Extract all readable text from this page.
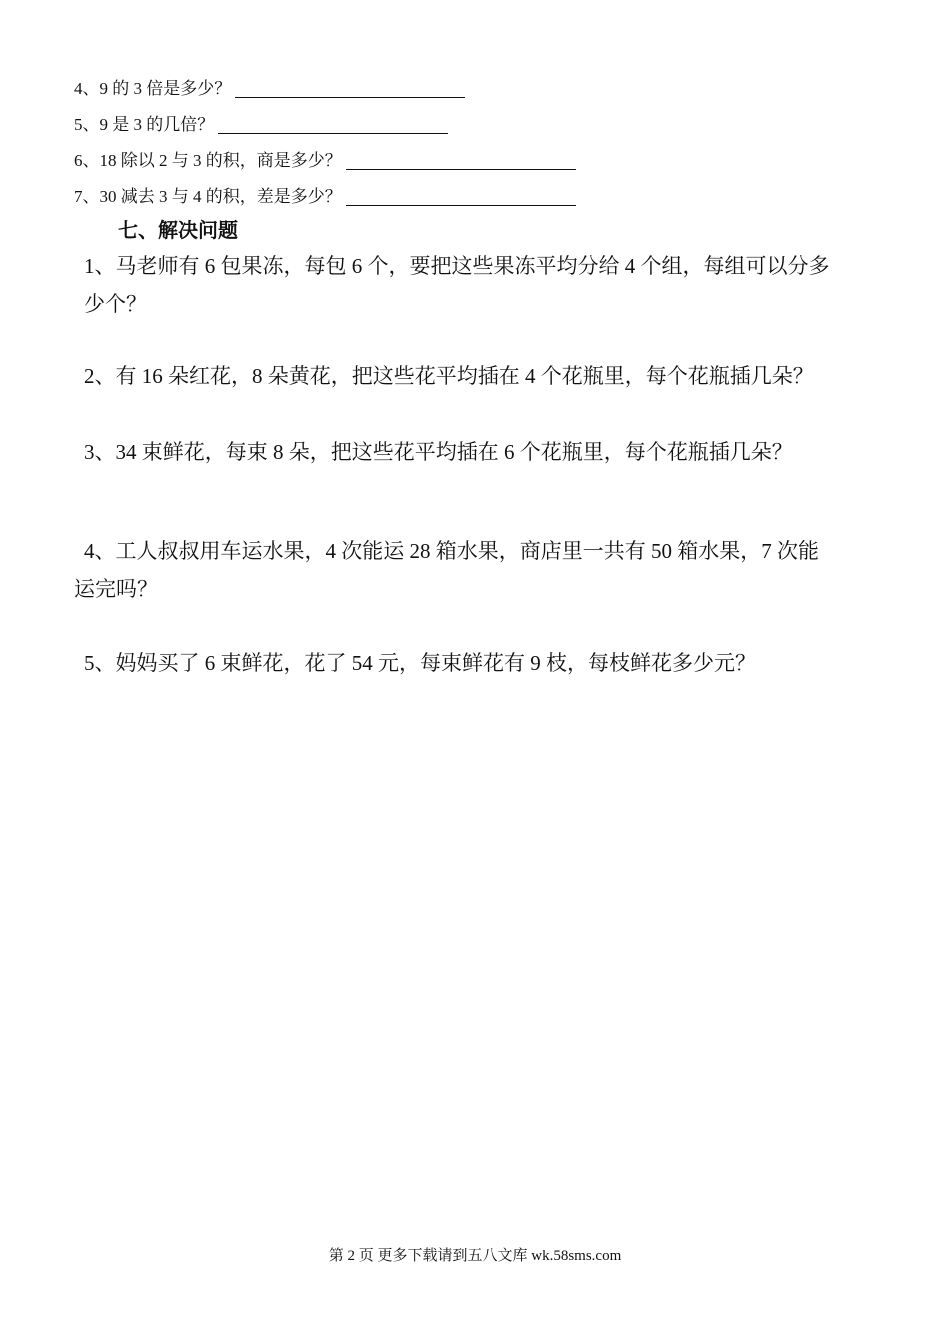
4、9 的 3 倍是多少？
5、9 是 3 的几倍？
6、18 除以 2 与 3 的积，商是多少？
7、30 减去 3 与 4 的积，差是多少？
七、解决问题
1、马老师有 6 包果冻，每包 6 个，要把这些果冻平均分给 4 个组，每组可以分多
少个？
2、有 16 朵红花，8 朵黄花，把这些花平均插在 4 个花瓶里，每个花瓶插几朵？
3、34 束鲜花，每束 8 朵，把这些花平均插在 6 个花瓶里，每个花瓶插几朵？
4、工人叔叔用车运水果，4 次能运 28 箱水果，商店里一共有 50 箱水果，7 次能
运完吗？
5、妈妈买了 6 束鲜花，花了 54 元，每束鲜花有 9 枝，每枝鲜花多少元？
第 2 页 更多下载请到五八文库 wk.58sms.com
